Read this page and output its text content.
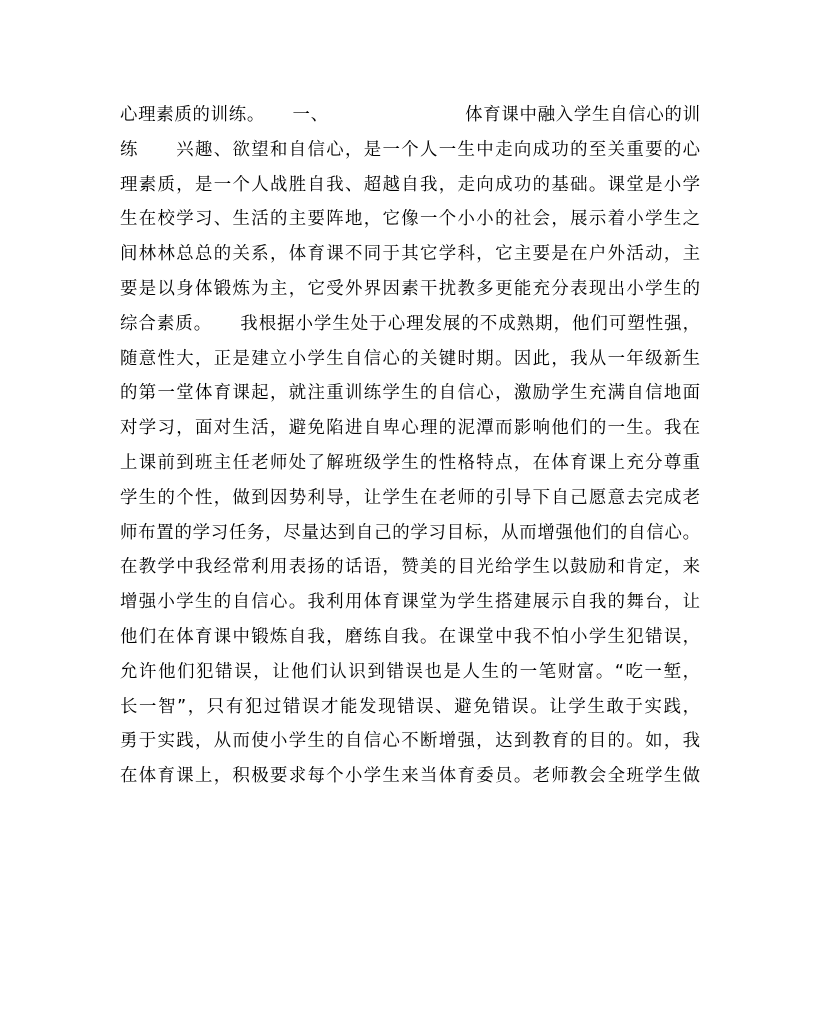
心理素质的训练。　　一、　　　　　　　　体育课中融入学生自信心的训
练　　兴趣、欲望和自信心，是一个人一生中走向成功的至关重要的心
理素质，是一个人战胜自我、超越自我，走向成功的基础。课堂是小学
生在校学习、生活的主要阵地，它像一个小小的社会，展示着小学生之
间林林总总的关系，体育课不同于其它学科，它主要是在户外活动，主
要是以身体锻炼为主，它受外界因素干扰教多更能充分表现出小学生的
综合素质。　　我根据小学生处于心理发展的不成熟期，他们可塑性强，
随意性大，正是建立小学生自信心的关键时期。因此，我从一年级新生
的第一堂体育课起，就注重训练学生的自信心，激励学生充满自信地面
对学习，面对生活，避免陷进自卑心理的泥潭而影响他们的一生。我在
上课前到班主任老师处了解班级学生的性格特点，在体育课上充分尊重
学生的个性，做到因势利导，让学生在老师的引导下自己愿意去完成老
师布置的学习任务，尽量达到自己的学习目标，从而增强他们的自信心。
在教学中我经常利用表扬的话语，赞美的目光给学生以鼓励和肯定，来
增强小学生的自信心。我利用体育课堂为学生搭建展示自我的舞台，让
他们在体育课中锻炼自我，磨练自我。在课堂中我不怕小学生犯错误，
允许他们犯错误，让他们认识到错误也是人生的一笔财富。“吃一堑，
长一智”，只有犯过错误才能发现错误、避免错误。让学生敢于实践，
勇于实践，从而使小学生的自信心不断增强，达到教育的目的。如，我
在体育课上，积极要求每个小学生来当体育委员。老师教会全班学生做
